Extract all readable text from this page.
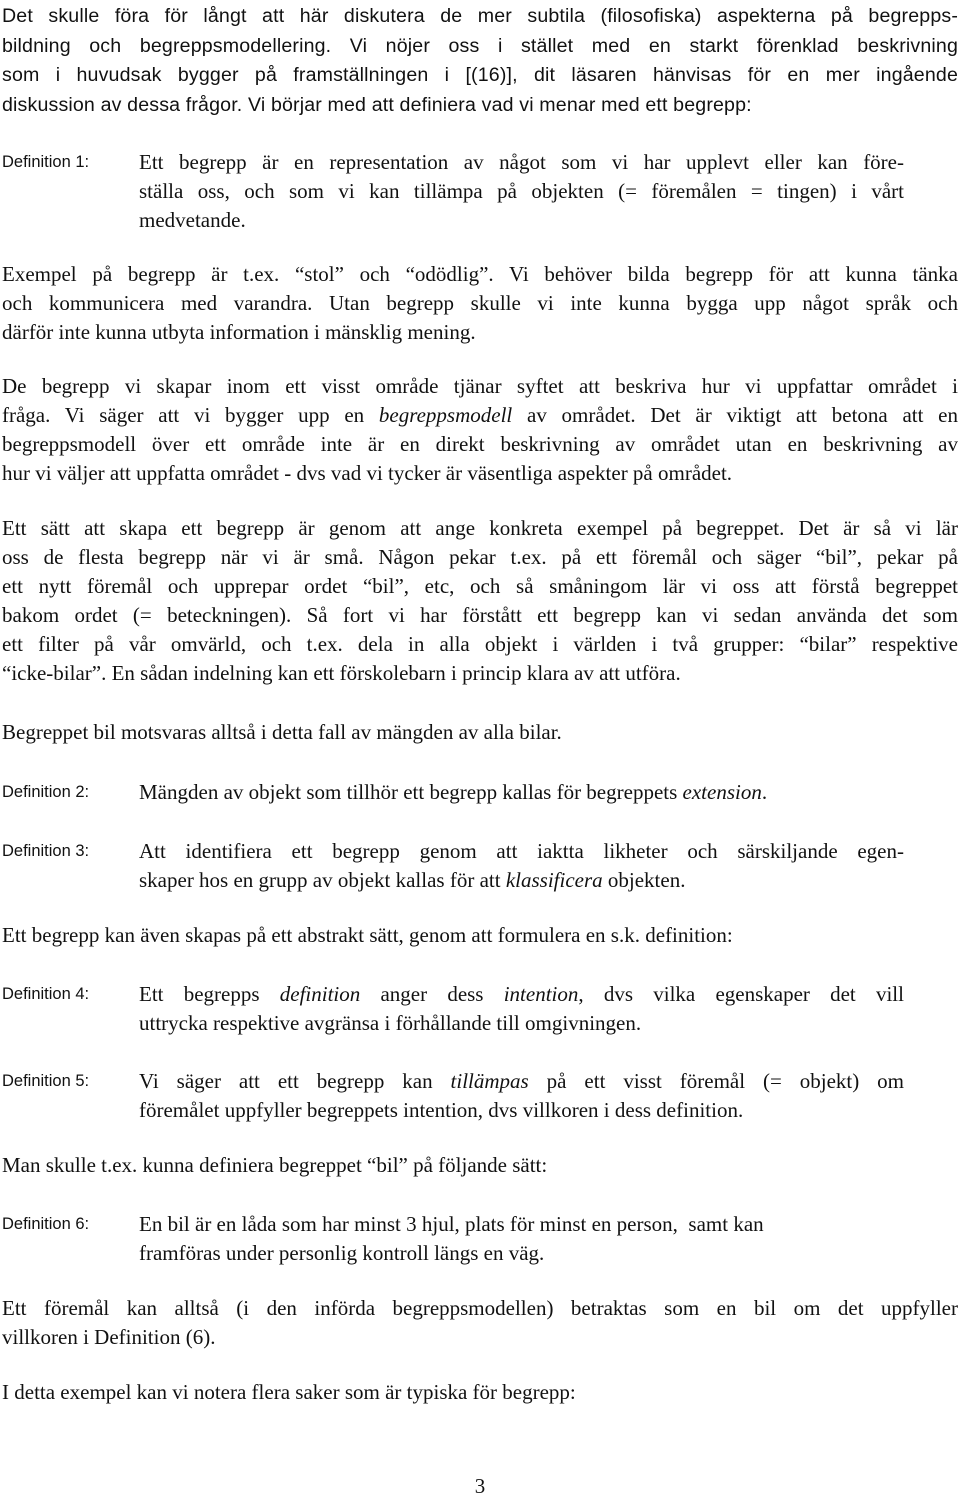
Det skulle föra för långt att här diskutera de mer subtila (filosofiska) aspekterna på begrepps-
bildning och begreppsmodellering. Vi nöjer oss i stället med en starkt förenklad beskrivning
som i huvudsak bygger på framställningen i [(16)], dit läsaren hänvisas för en mer ingående
diskussion av dessa frågor. Vi börjar med att definiera vad vi menar med ett begrepp:

Definition 1: Ett begrepp är en representation av något som vi har upplevt eller kan före-
ställa oss, och som vi kan tillämpa på objekten (= föremålen = tingen) i vårt
medvetande.

Exempel på begrepp är t.ex. “stol” och “odödlig”. Vi behöver bilda begrepp för att kunna tänka
och kommunicera med varandra. Utan begrepp skulle vi inte kunna bygga upp något språk och
därför inte kunna utbyta information i mänsklig mening.

De begrepp vi skapar inom ett visst område tjänar syftet att beskriva hur vi uppfattar området i
fråga. Vi säger att vi bygger upp en begreppsmodell av området. Det är viktigt att betona att en
begreppsmodell över ett område inte är en direkt beskrivning av området utan en beskrivning av
hur vi väljer att uppfatta området - dvs vad vi tycker är väsentliga aspekter på området.

Ett sätt att skapa ett begrepp är genom att ange konkreta exempel på begreppet. Det är så vi lär
oss de flesta begrepp när vi är små. Någon pekar t.ex. på ett föremål och säger “bil”, pekar på
ett nytt föremål och upprepar ordet “bil”, etc, och så småningom lär vi oss att förstå begreppet
bakom ordet (= beteckningen). Så fort vi har förstått ett begrepp kan vi sedan använda det som
ett filter på vår omvärld, och t.ex. dela in alla objekt i världen i två grupper: “bilar” respektive
“icke-bilar”. En sådan indelning kan ett förskolebarn i princip klara av att utföra.

Begreppet bil motsvaras alltså i detta fall av mängden av alla bilar.

Definition 2: Mängden av objekt som tillhör ett begrepp kallas för begreppets extension.

Definition 3: Att identifiera ett begrepp genom att iaktta likheter och särskiljande egen-
skaper hos en grupp av objekt kallas för att klassificera objekten.

Ett begrepp kan även skapas på ett abstrakt sätt, genom att formulera en s.k. definition:

Definition 4: Ett begrepps definition anger dess intention, dvs vilka egenskaper det vill
uttrycka respektive avgränsa i förhållande till omgivningen.

Definition 5: Vi säger att ett begrepp kan tillämpas på ett visst föremål (= objekt) om
föremålet uppfyller begreppets intention, dvs villkoren i dess definition.

Man skulle t.ex. kunna definiera begreppet “bil” på följande sätt:

Definition 6: En bil är en låda som har minst 3 hjul, plats för minst en person,  samt kan
framföras under personlig kontroll längs en väg.

Ett föremål kan alltså (i den införda begreppsmodellen) betraktas som en bil om det uppfyller
villkoren i Definition (6).

I detta exempel kan vi notera flera saker som är typiska för begrepp:

3
